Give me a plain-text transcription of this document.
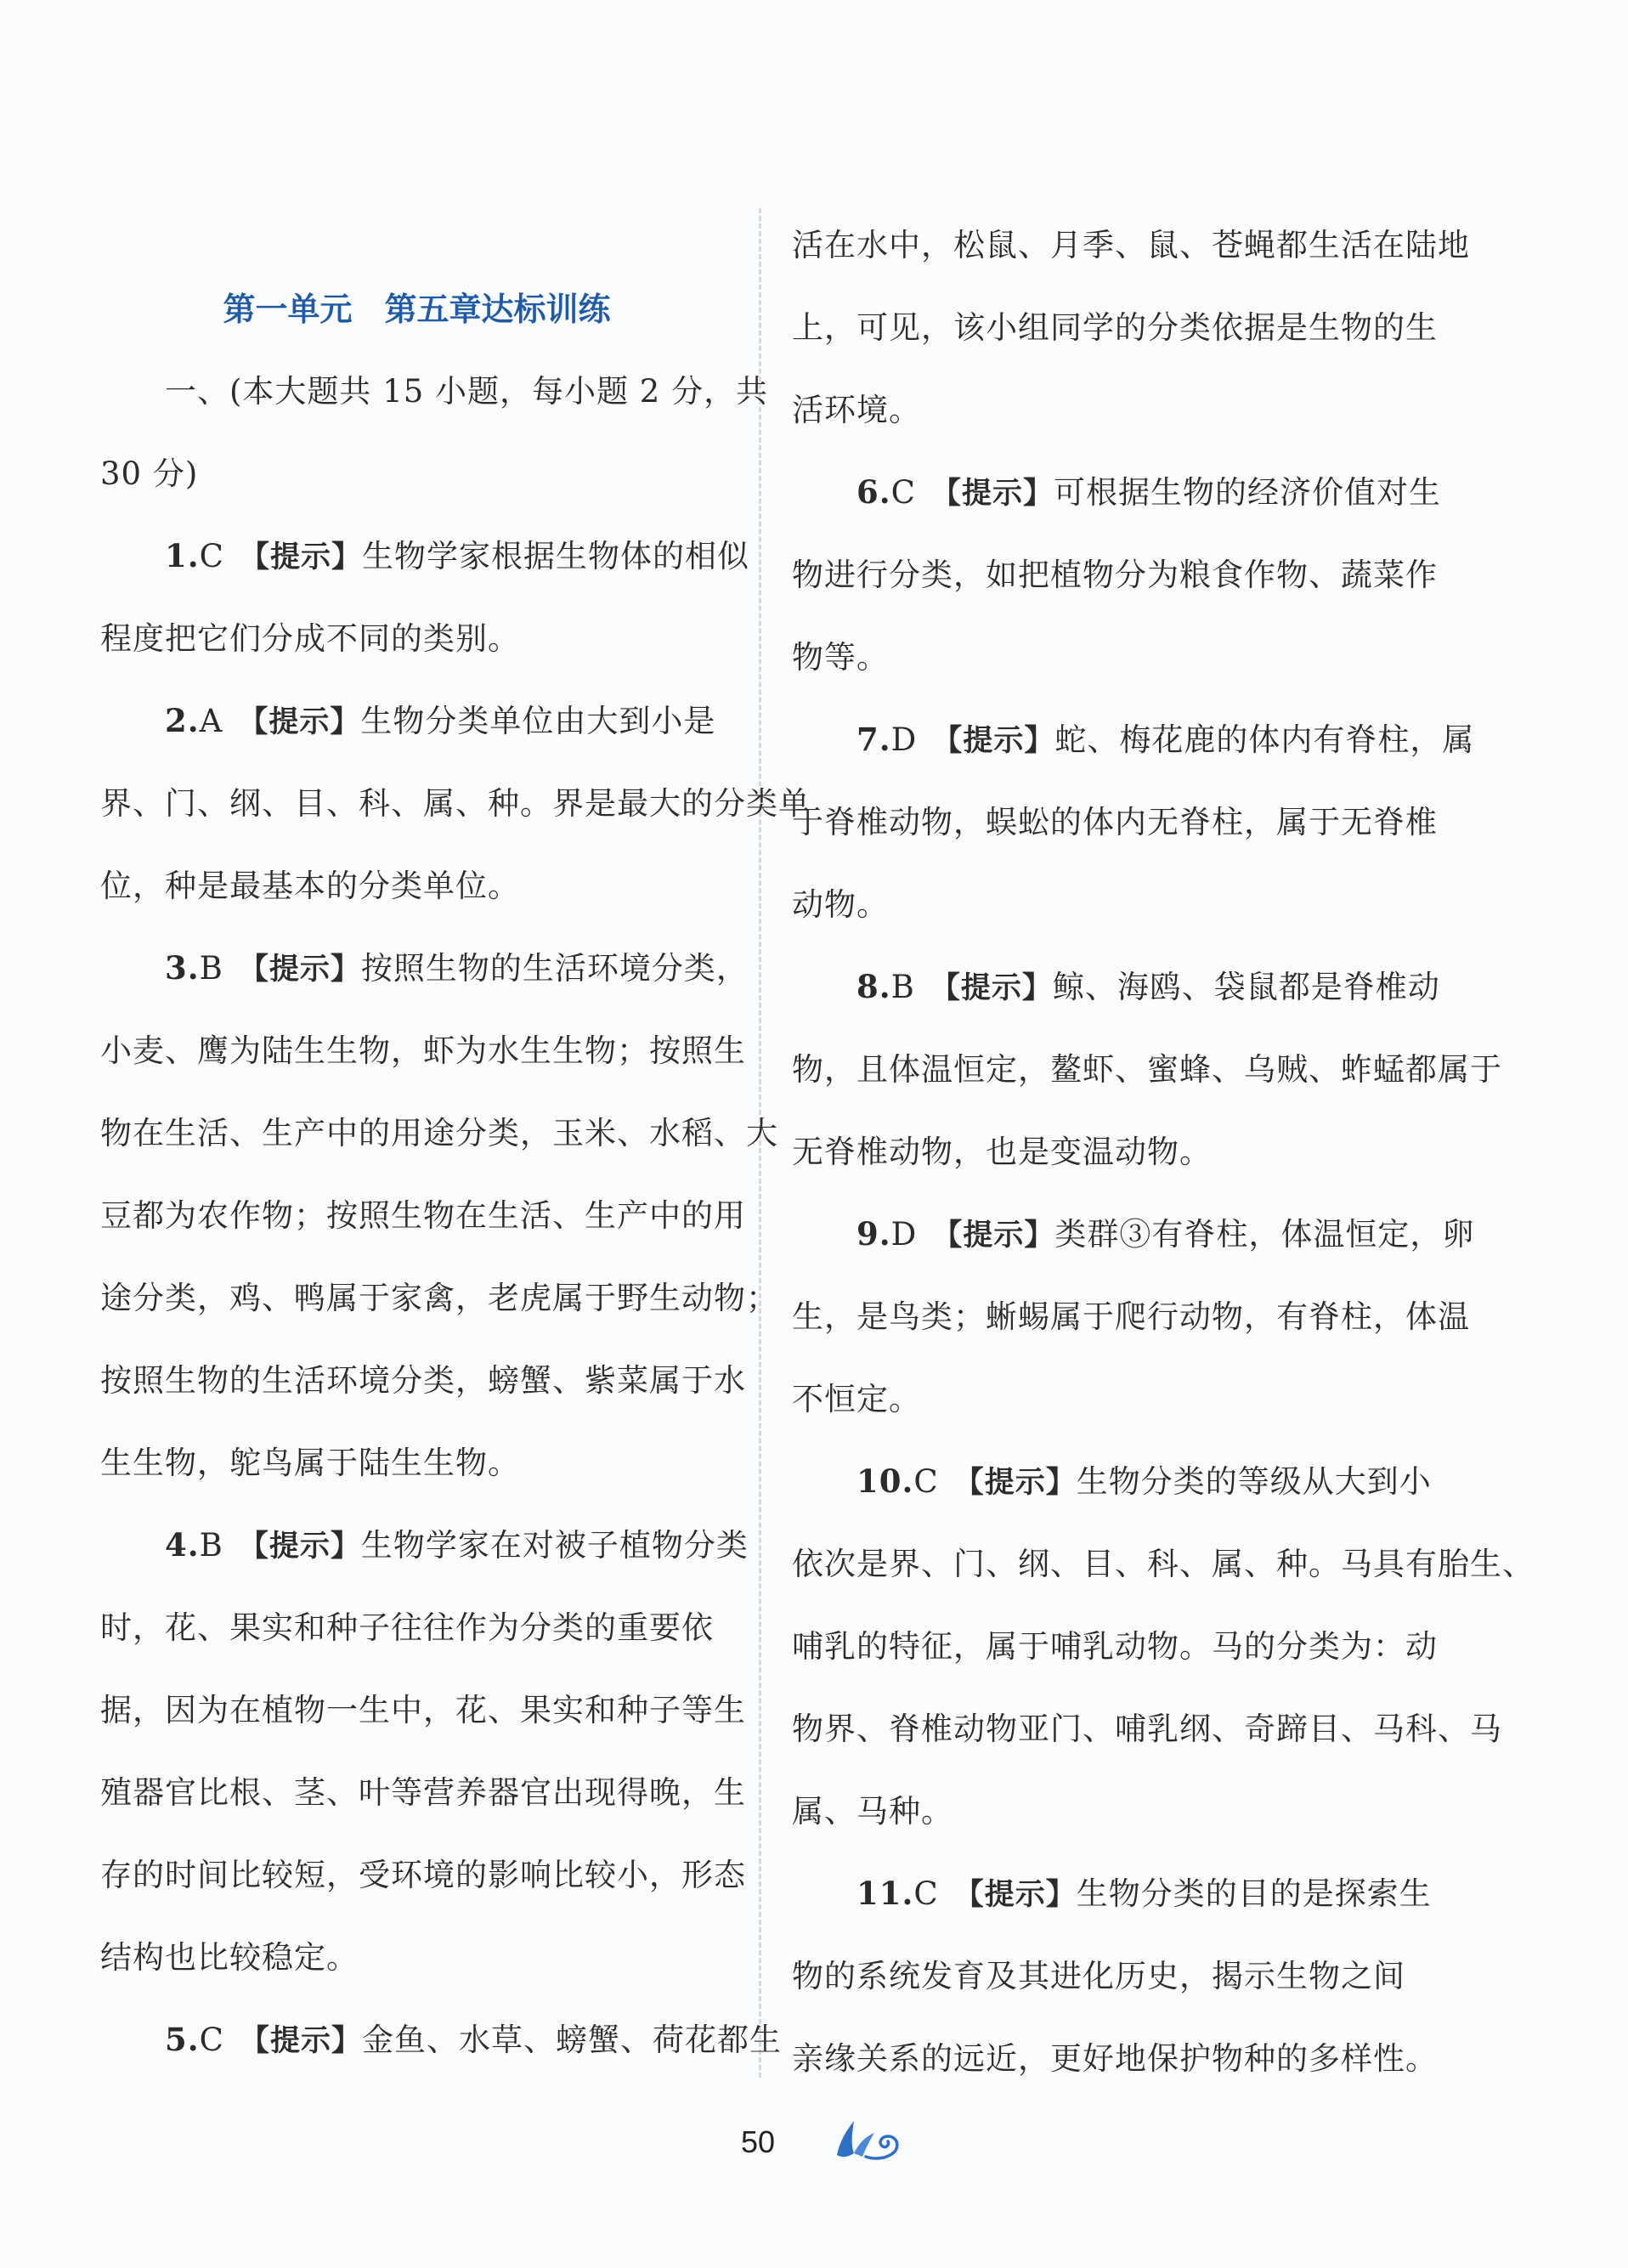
第一单元 第五章达标训练
一、(本大题共 15 小题，每小题 2 分，共
30 分)
1.C 【提示】生物学家根据生物体的相似
程度把它们分成不同的类别。
2.A 【提示】生物分类单位由大到小是
界、门、纲、目、科、属、种。界是最大的分类单
位，种是最基本的分类单位。
3.B 【提示】按照生物的生活环境分类，
小麦、鹰为陆生生物，虾为水生生物；按照生
物在生活、生产中的用途分类，玉米、水稻、大
豆都为农作物；按照生物在生活、生产中的用
途分类，鸡、鸭属于家禽，老虎属于野生动物；
按照生物的生活环境分类，螃蟹、紫菜属于水
生生物，鸵鸟属于陆生生物。
4.B 【提示】生物学家在对被子植物分类
时，花、果实和种子往往作为分类的重要依
据，因为在植物一生中，花、果实和种子等生
殖器官比根、茎、叶等营养器官出现得晚，生
存的时间比较短，受环境的影响比较小，形态
结构也比较稳定。
5.C 【提示】金鱼、水草、螃蟹、荷花都生
活在水中，松鼠、月季、鼠、苍蝇都生活在陆地
上，可见，该小组同学的分类依据是生物的生
活环境。
6.C 【提示】可根据生物的经济价值对生
物进行分类，如把植物分为粮食作物、蔬菜作
物等。
7.D 【提示】蛇、梅花鹿的体内有脊柱，属
于脊椎动物，蜈蚣的体内无脊柱，属于无脊椎
动物。
8.B 【提示】鲸、海鸥、袋鼠都是脊椎动
物，且体温恒定，鳌虾、蜜蜂、乌贼、蚱蜢都属于
无脊椎动物，也是变温动物。
9.D 【提示】类群③有脊柱，体温恒定，卵
生，是鸟类；蜥蜴属于爬行动物，有脊柱，体温
不恒定。
10.C 【提示】生物分类的等级从大到小
依次是界、门、纲、目、科、属、种。马具有胎生、
哺乳的特征，属于哺乳动物。马的分类为：动
物界、脊椎动物亚门、哺乳纲、奇蹄目、马科、马
属、马种。
11.C 【提示】生物分类的目的是探索生
物的系统发育及其进化历史，揭示生物之间
亲缘关系的远近，更好地保护物种的多样性。
50
